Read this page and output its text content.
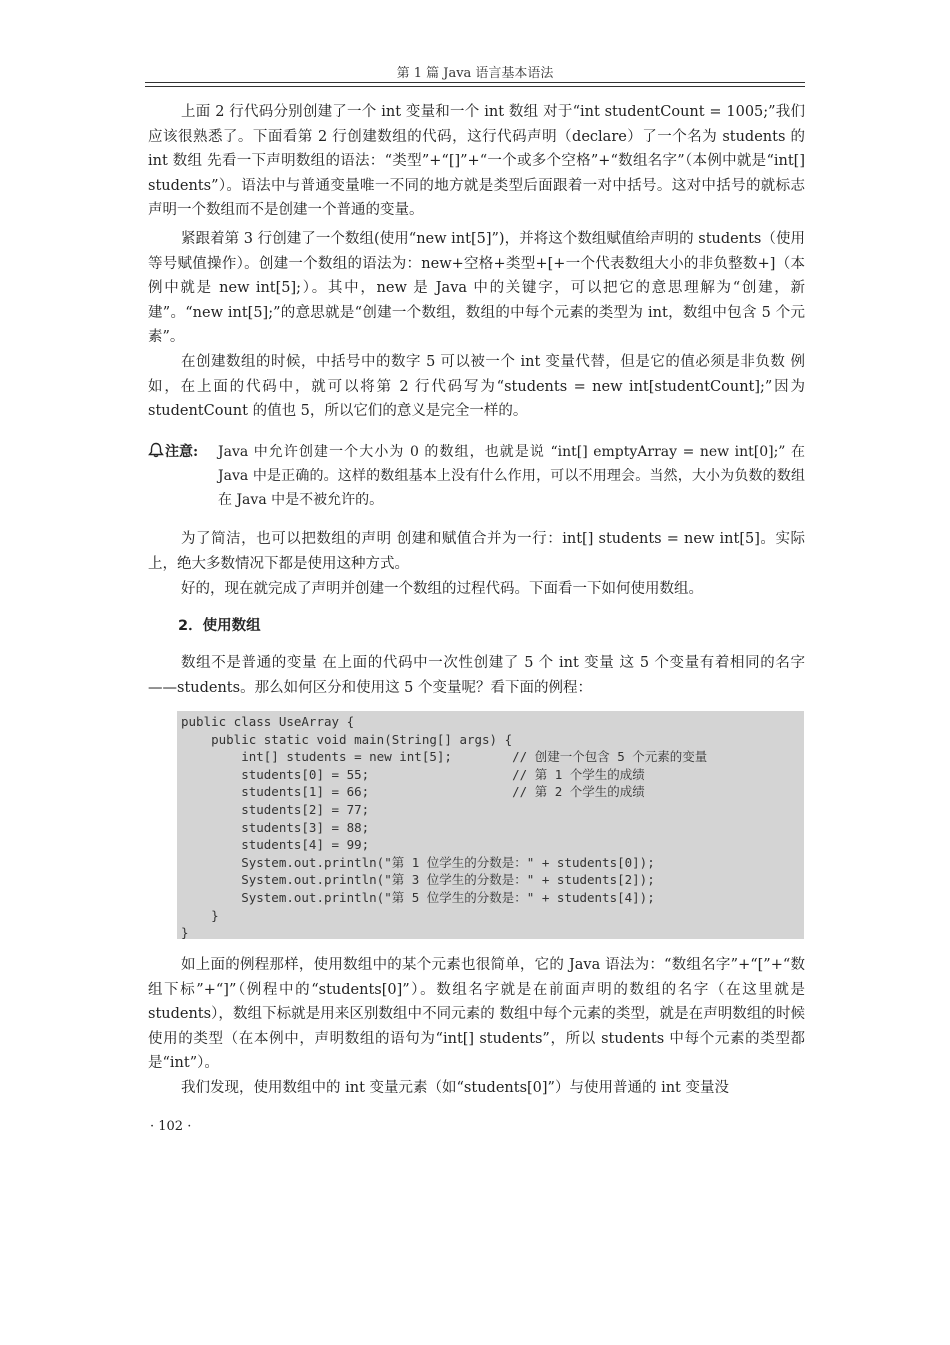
第 1 篇 Java 语言基本语法

上面 2 行代码分别创建了一个 int 变量和一个 int 数组 对于“int studentCount = 1005;”我们应该很熟悉了。下面看第 2 行创建数组的代码，这行代码声明（declare）了一个名为 students 的 int 数组 先看一下声明数组的语法：“类型”+“[]”+“一个或多个空格”+“数组名字”（本例中就是“int[] students”）。语法中与普通变量唯一不同的地方就是类型后面跟着一对中括号。这对中括号的就标志声明一个数组而不是创建一个普通的变量。

紧跟着第 3 行创建了一个数组(使用“new int[5]”)，并将这个数组赋值给声明的 students（使用等号赋值操作）。创建一个数组的语法为：new+空格+类型+[+一个代表数组大小的非负整数+]（本例中就是 new int[5];）。其中，new 是 Java 中的关键字，可以把它的意思理解为“创建，新建”。“new int[5];”的意思就是“创建一个数组，数组的中每个元素的类型为 int，数组中包含 5 个元素”。

在创建数组的时候，中括号中的数字 5 可以被一个 int 变量代替，但是它的值必须是非负数 例如，在上面的代码中，就可以将第 2 行代码写为“students = new int[studentCount];”因为 studentCount 的值也 5，所以它们的意义是完全一样的。

注意: Java 中允许创建一个大小为 0 的数组，也就是说 “int[] emptyArray = new int[0];” 在 Java 中是正确的。这样的数组基本上没有什么作用，可以不用理会。当然，大小为负数的数组在 Java 中是不被允许的。

为了简洁，也可以把数组的声明 创建和赋值合并为一行：int[] students = new int[5]。实际上，绝大多数情况下都是使用这种方式。

好的，现在就完成了声明并创建一个数组的过程代码。下面看一下如何使用数组。

2．使用数组

数组不是普通的变量 在上面的代码中一次性创建了 5 个 int 变量 这 5 个变量有着相同的名字——students。那么如何区分和使用这 5 个变量呢？看下面的例程：

public class UseArray {
public static void main(String[] args) {
int[] students = new int[5];        // 创建一个包含 5 个元素的变量
students[0] = 55;                   // 第 1 个学生的成绩
students[1] = 66;                   // 第 2 个学生的成绩
students[2] = 77;
students[3] = 88;
students[4] = 99;
System.out.println("第 1 位学生的分数是：" + students[0]);
System.out.println("第 3 位学生的分数是：" + students[2]);
System.out.println("第 5 位学生的分数是：" + students[4]);
}
}

如上面的例程那样，使用数组中的某个元素也很简单，它的 Java 语法为：“数组名字”+“[”+“数组下标”+“]”（例程中的“students[0]”）。数组名字就是在前面声明的数组的名字（在这里就是 students），数组下标就是用来区别数组中不同元素的 数组中每个元素的类型，就是在声明数组的时候使用的类型（在本例中，声明数组的语句为“int[] students”，所以 students 中每个元素的类型都是“int”）。

我们发现，使用数组中的 int 变量元素（如“students[0]”）与使用普通的 int 变量没

· 102 ·
